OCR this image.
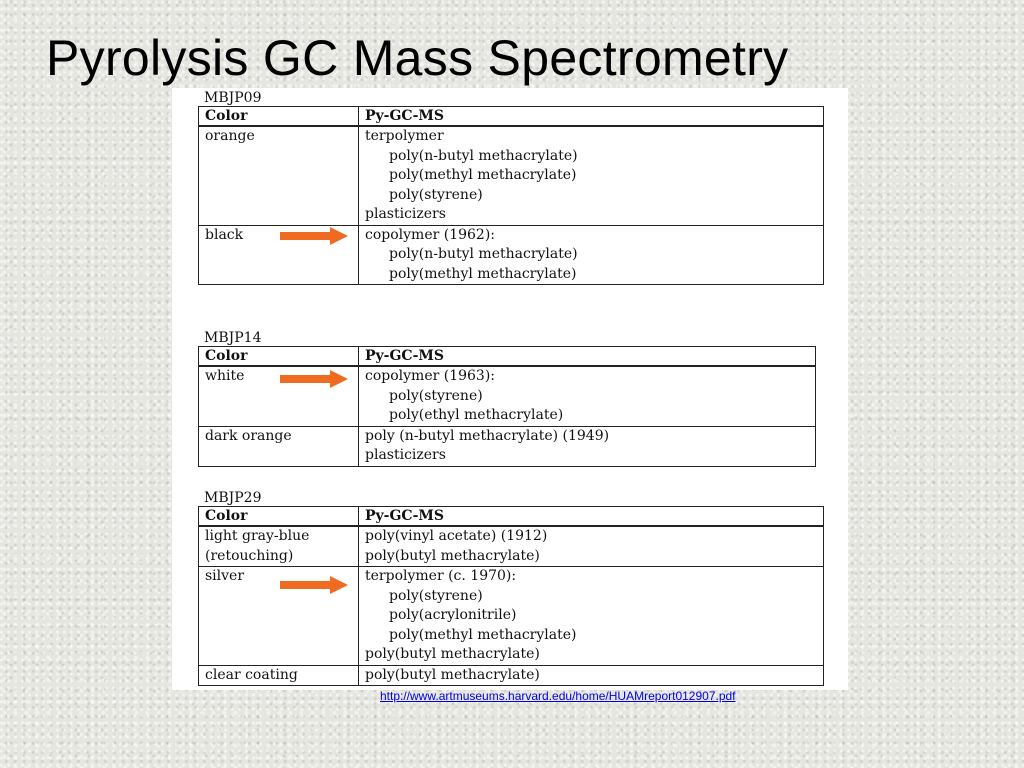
Pyrolysis GC Mass Spectrometry
MBJP09
Color	Py-GC-MS

orange	terpolymer
poly(n-butyl methacrylate)
poly(methyl methacrylate)
poly(styrene)
plasticizers

black	copolymer (1962):
poly(n-butyl methacrylate)
poly(methyl methacrylate)
MBJP14
Color	Py-GC-MS

white	copolymer (1963):
poly(styrene)
poly(ethyl methacrylate)

dark orange	poly (n-butyl methacrylate) (1949)
plasticizers
MBJP29
Color	Py-GC-MS

light gray-blue
(retouching)	poly(vinyl acetate) (1912)
poly(butyl methacrylate)

silver	terpolymer (c. 1970):
poly(styrene)
poly(acrylonitrile)
poly(methyl methacrylate)
poly(butyl methacrylate)

clear coating	poly(butyl methacrylate)
http://www.artmuseums.harvard.edu/home/HUAMreport012907.pdf
